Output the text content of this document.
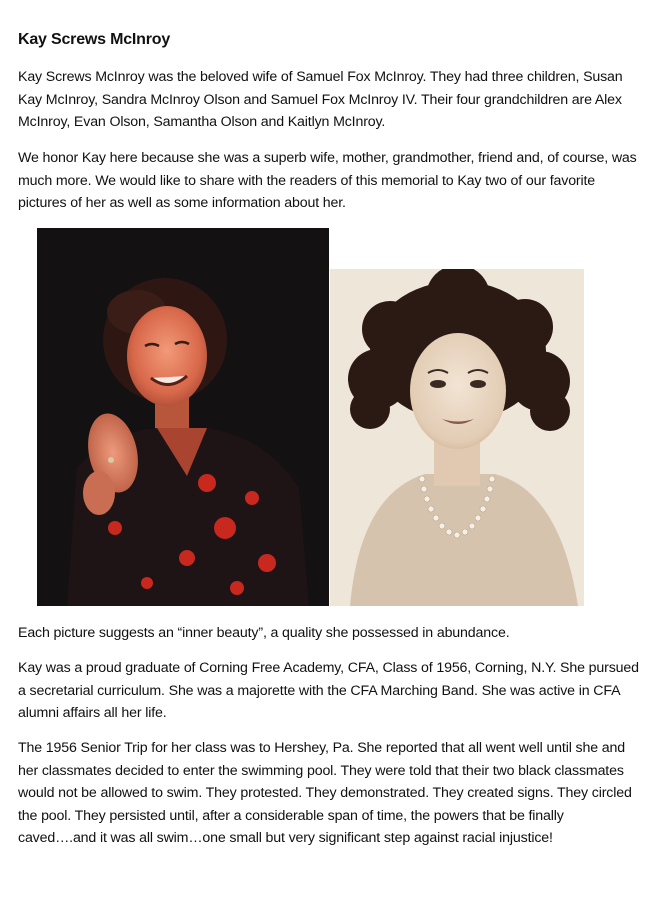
Kay Screws McInroy

Kay Screws McInroy was the beloved wife of Samuel Fox McInroy. They had three children, Susan Kay McInroy, Sandra McInroy Olson and Samuel Fox McInroy IV. Their four grandchildren are Alex McInroy, Evan Olson, Samantha Olson and Kaitlyn McInroy.

We honor Kay here because she was a superb wife, mother, grandmother, friend and, of course, was much more. We would like to share with the readers of this memorial to Kay two of our favorite pictures of her as well as some information about her.

Each picture suggests an “inner beauty”, a quality she possessed in abundance.

Kay was a proud graduate of Corning Free Academy, CFA, Class of 1956, Corning, N.Y. She pursued a secretarial curriculum. She was a majorette with the CFA Marching Band. She was active in CFA alumni affairs all her life.

The 1956 Senior Trip for her class was to Hershey, Pa. She reported that all went well until she and her classmates decided to enter the swimming pool. They were told that their two black classmates would not be allowed to swim. They protested. They demonstrated. They created signs. They circled the pool. They persisted until, after a considerable span of time, the powers that be finally caved….and it was all swim…one small but very significant step against racial injustice!
